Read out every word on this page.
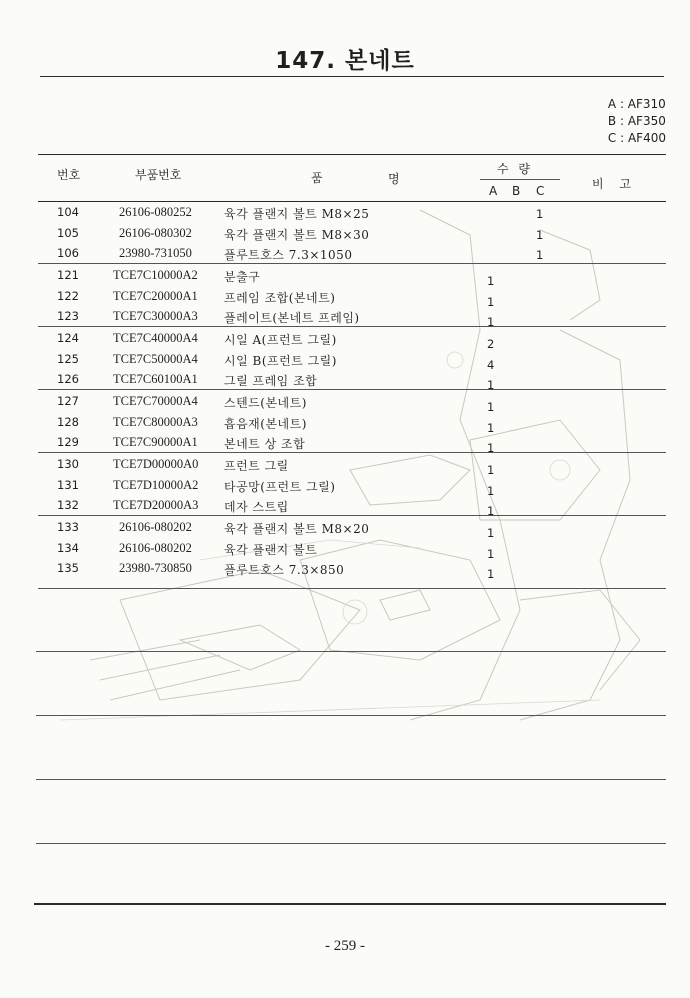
147. 본네트
A : AF310
B : AF350
C : AF400
번호	부품번호	품	명
수 량
A B C	비 고
104	26106-080252	육각 플랜지 볼트 M8×25	1
105	26106-080302	육각 플랜지 볼트 M8×30	1
106	23980-731050	플루트호스 7.3×1050	1
121	TCE7C10000A2 분출구	1
122	TCE7C20000A1 프레임 조합(본네트)	1
123	TCE7C30000A3 플레이트(본네트 프레임)	1
124	TCE7C40000A4 시일 A(프런트 그릴)	2
125	TCE7C50000A4 시일 B(프런트 그릴)	4
126	TCE7C60100A1 그릴 프레임 조합	1
127	TCE7C70000A4 스텐드(본네트)	1
128	TCE7C80000A3 흡음재(본네트)	1
129	TCE7C90000A1 본네트 상 조합	1
130	TCE7D00000A0 프런트 그릴	1
131	TCE7D10000A2 타공망(프런트 그릴)	1
132	TCE7D20000A3 데자 스트립	1
133	26106-080202	육각 플랜지 볼트 M8×20	1
134	26106-080202	육각 플랜지 볼트	1
135	23980-730850	플루트호스 7.3×850	1
- 259 -
